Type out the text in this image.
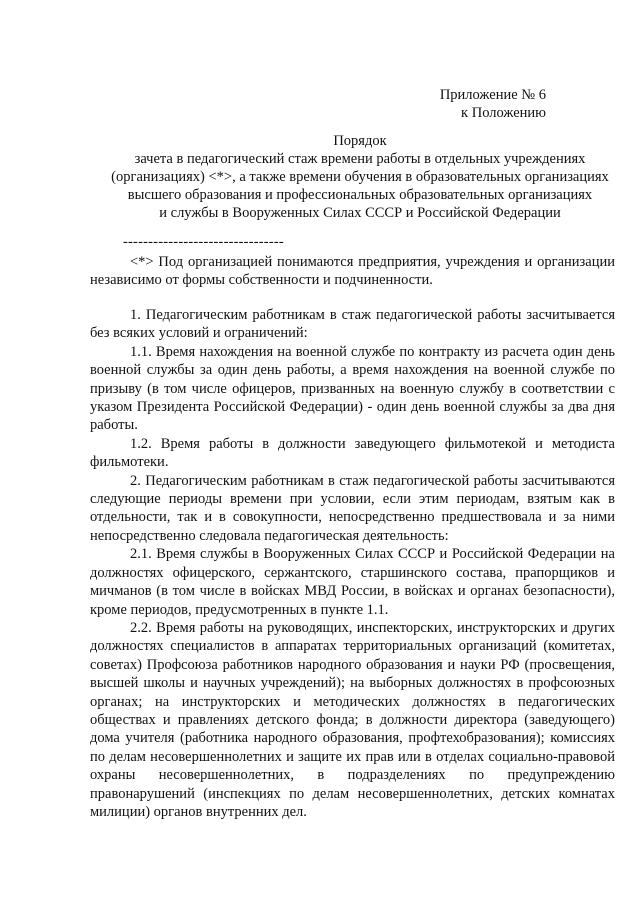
Приложение № 6
к Положению
Порядок
зачета в педагогический стаж времени работы в отдельных учреждениях
(организациях) <*>, а также времени обучения в образовательных организациях
высшего образования и профессиональных образовательных организациях
и службы в Вооруженных Силах СССР и Российской Федерации
--------------------------------

<*> Под организацией понимаются предприятия, учреждения и организации независимо от формы собственности и подчиненности.

1. Педагогическим работникам в стаж педагогической работы засчитывается без всяких условий и ограничений:

1.1. Время нахождения на военной службе по контракту из расчета один день военной службы за один день работы, а время нахождения на военной службе по призыву (в том числе офицеров, призванных на военную службу в соответствии с указом Президента Российской Федерации) - один день военной службы за два дня работы.

1.2. Время работы в должности заведующего фильмотекой и методиста фильмотеки.

2. Педагогическим работникам в стаж педагогической работы засчитываются следующие периоды времени при условии, если этим периодам, взятым как в отдельности, так и в совокупности, непосредственно предшествовала и за ними непосредственно следовала педагогическая деятельность:

2.1. Время службы в Вооруженных Силах СССР и Российской Федерации на должностях офицерского, сержантского, старшинского состава, прапорщиков и мичманов (в том числе в войсках МВД России, в войсках и органах безопасности), кроме периодов, предусмотренных в пункте 1.1.

2.2. Время работы на руководящих, инспекторских, инструкторских и других должностях специалистов в аппаратах территориальных организаций (комитетах, советах) Профсоюза работников народного образования и науки РФ (просвещения, высшей школы и научных учреждений); на выборных должностях в профсоюзных органах; на инструкторских и методических должностях в педагогических обществах и правлениях детского фонда; в должности директора (заведующего) дома учителя (работника народного образования, профтехобразования); комиссиях по делам несовершеннолетних и защите их прав или в отделах социально-правовой охраны несовершеннолетних, в подразделениях по предупреждению правонарушений (инспекциях по делам несовершеннолетних, детских комнатах милиции) органов внутренних дел.
